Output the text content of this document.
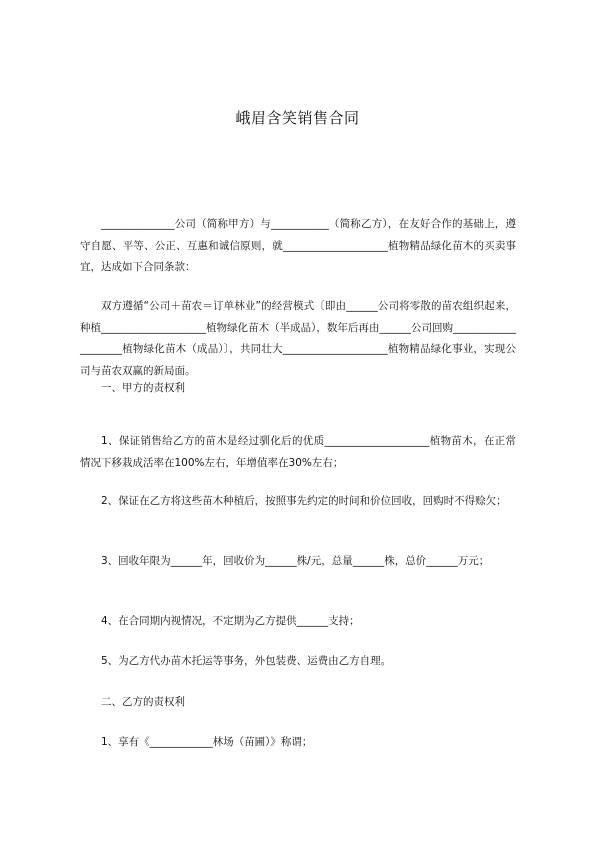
峨眉含笑销售合同

______________公司（简称甲方）与___________（简称乙方），在友好合作的基础上，遵守自愿、平等、公正、互惠和诚信原则，就____________________植物精品绿化苗木的买卖事宜，达成如下合同条款：

双方遵循“公司＋苗农＝订单林业”的经营模式〔即由______公司将零散的苗农组织起来，种植____________________植物绿化苗木（半成品），数年后再由______公司回购____________________植物绿化苗木（成品）〕，共同壮大____________________植物精品绿化事业，实现公司与苗农双赢的新局面。

一、甲方的责权利

1、保证销售给乙方的苗木是经过驯化后的优质____________________植物苗木，在正常情况下移栽成活率在100%左右，年增值率在30%左右；

2、保证在乙方将这些苗木种植后，按照事先约定的时间和价位回收，回购时不得赊欠；

3、回收年限为______年，回收价为______株/元，总量______株，总价______万元；

4、在合同期内视情况，不定期为乙方提供______支持；

5、为乙方代办苗木托运等事务，外包装费、运费由乙方自理。

二、乙方的责权利

1、享有《____________林场（苗圃）》称谓；
